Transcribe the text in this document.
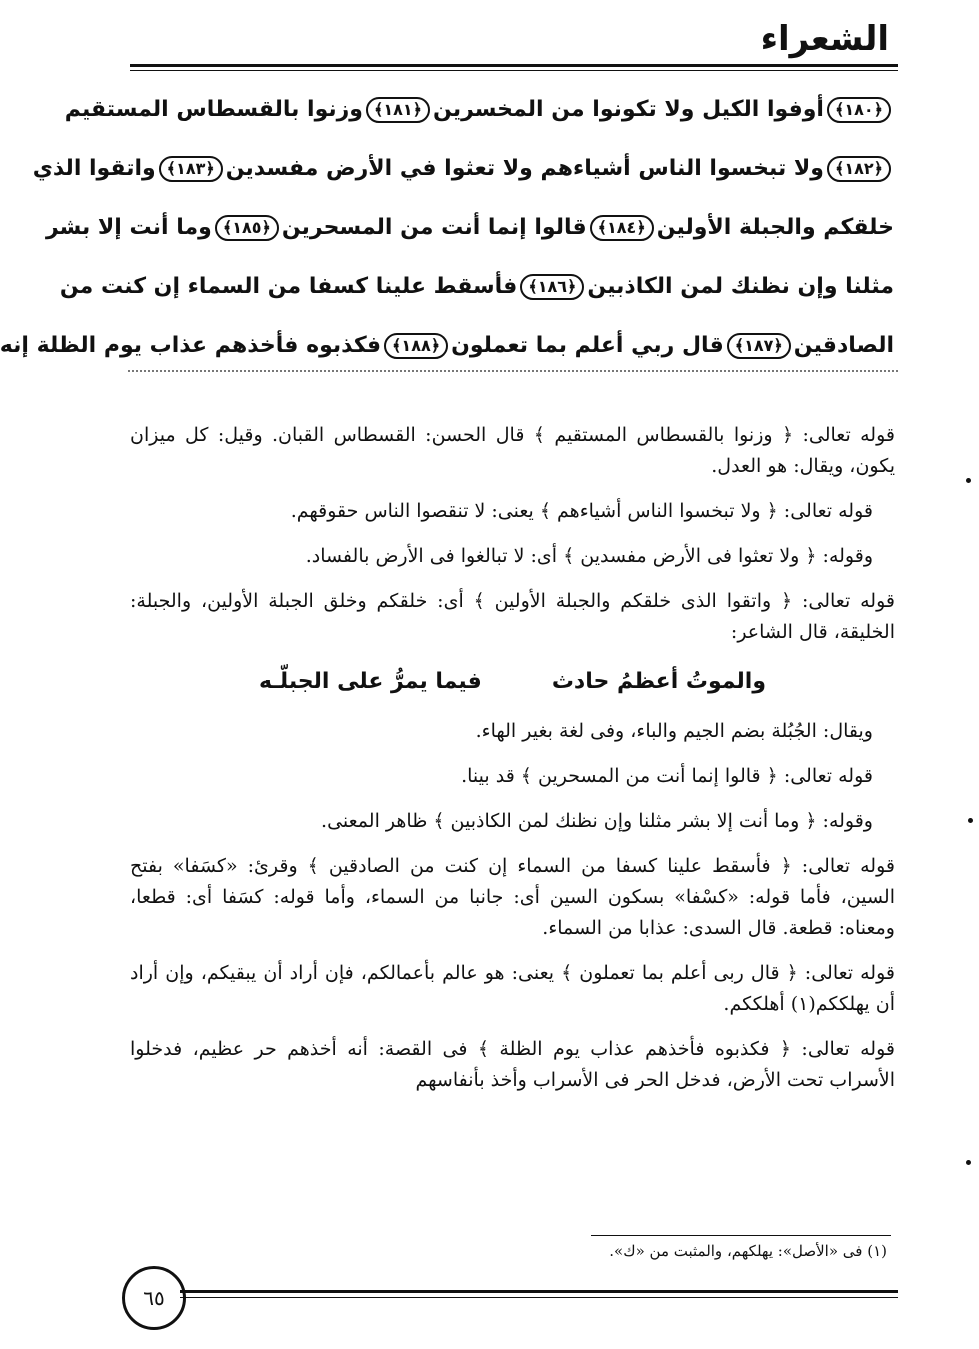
الشعراء
﴿١٨٠﴾أوفوا الكيل ولا تكونوا من المخسرين﴿١٨١﴾وزنوا بالقسطاس المستقيم
﴿١٨٢﴾ولا تبخسوا الناس أشياءهم ولا تعثوا في الأرض مفسدين﴿١٨٣﴾واتقوا الذي
خلقكم والجبلة الأولين﴿١٨٤﴾قالوا إنما أنت من المسحرين﴿١٨٥﴾وما أنت إلا بشر
مثلنا وإن نظنك لمن الكاذبين﴿١٨٦﴾فأسقط علينا كسفا من السماء إن كنت من
الصادقين﴿١٨٧﴾قال ربي أعلم بما تعملون﴿١٨٨﴾فكذبوه فأخذهم عذاب يوم الظلة إنه

قوله تعالى: ﴿ وزنوا بالقسطاس المستقيم ﴾ قال الحسن: القسطاس القبان. وقيل: كل ميزان يكون، ويقال: هو العدل.

قوله تعالى: ﴿ ولا تبخسوا الناس أشياءهم ﴾ يعنى: لا تنقصوا الناس حقوقهم.

وقوله: ﴿ ولا تعثوا فى الأرض مفسدين ﴾ أى: لا تبالغوا فى الأرض بالفساد.

قوله تعالى: ﴿ واتقوا الذى خلقكم والجبلة الأولين ﴾ أى: خلقكم وخلق الجبلة الأولين، والجبلة: الخليقة، قال الشاعر:

والموتُ أعظمُ حادث
فيما يمرُّ على الجبلّـه

ويقال: الجُبُلة بضم الجيم والباء، وفى لغة بغير الهاء.

قوله تعالى: ﴿ قالوا إنما أنت من المسحرين ﴾ قد بينا.

وقوله: ﴿ وما أنت إلا بشر مثلنا وإن نظنك لمن الكاذبين ﴾ ظاهر المعنى.

قوله تعالى: ﴿ فأسقط علينا كسفا من السماء إن كنت من الصادقين ﴾ وقرئ: «كسَفا» بفتح السين، فأما قوله: «كسْفا» بسكون السين أى: جانبا من السماء، وأما قوله: كسَفا أى: قطعا، ومعناه: قطعة. قال السدى: عذابا من السماء.

قوله تعالى: ﴿ قال ربى أعلم بما تعملون ﴾ يعنى: هو عالم بأعمالكم، فإن أراد أن يبقيكم، وإن أراد أن يهلككم(١) أهلككم.

قوله تعالى: ﴿ فكذبوه فأخذهم عذاب يوم الظلة ﴾ فى القصة: أنه أخذهم حر عظيم، فدخلوا الأسراب تحت الأرض، فدخل الحر فى الأسراب وأخذ بأنفاسهم

(١) فى «الأصل»: يهلكهم، والمثبت من «ك».
٦٥
